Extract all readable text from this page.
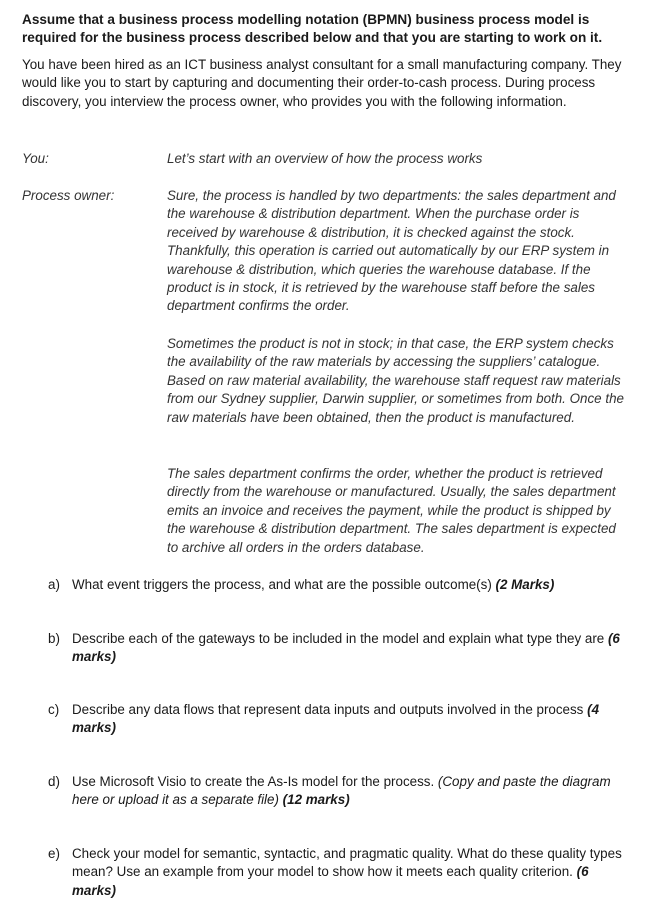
Assume that a business process modelling notation (BPMN) business process model is required for the business process described below and that you are starting to work on it.
You have been hired as an ICT business analyst consultant for a small manufacturing company. They would like you to start by capturing and documenting their order-to-cash process. During process discovery, you interview the process owner, who provides you with the following information.
You:	Let’s start with an overview of how the process works
Process owner:	Sure, the process is handled by two departments: the sales department and the warehouse & distribution department. When the purchase order is received by warehouse & distribution, it is checked against the stock. Thankfully, this operation is carried out automatically by our ERP system in warehouse & distribution, which queries the warehouse database. If the product is in stock, it is retrieved by the warehouse staff before the sales department confirms the order.
Sometimes the product is not in stock; in that case, the ERP system checks the availability of the raw materials by accessing the suppliers’ catalogue. Based on raw material availability, the warehouse staff request raw materials from our Sydney supplier, Darwin supplier, or sometimes from both. Once the raw materials have been obtained, then the product is manufactured.
The sales department confirms the order, whether the product is retrieved directly from the warehouse or manufactured. Usually, the sales department emits an invoice and receives the payment, while the product is shipped by the warehouse & distribution department. The sales department is expected to archive all orders in the orders database.
a) What event triggers the process, and what are the possible outcome(s) (2 Marks)
b) Describe each of the gateways to be included in the model and explain what type they are (6 marks)
c) Describe any data flows that represent data inputs and outputs involved in the process (4 marks)
d) Use Microsoft Visio to create the As-Is model for the process. (Copy and paste the diagram here or upload it as a separate file) (12 marks)
e) Check your model for semantic, syntactic, and pragmatic quality. What do these quality types mean? Use an example from your model to show how it meets each quality criterion. (6 marks)
